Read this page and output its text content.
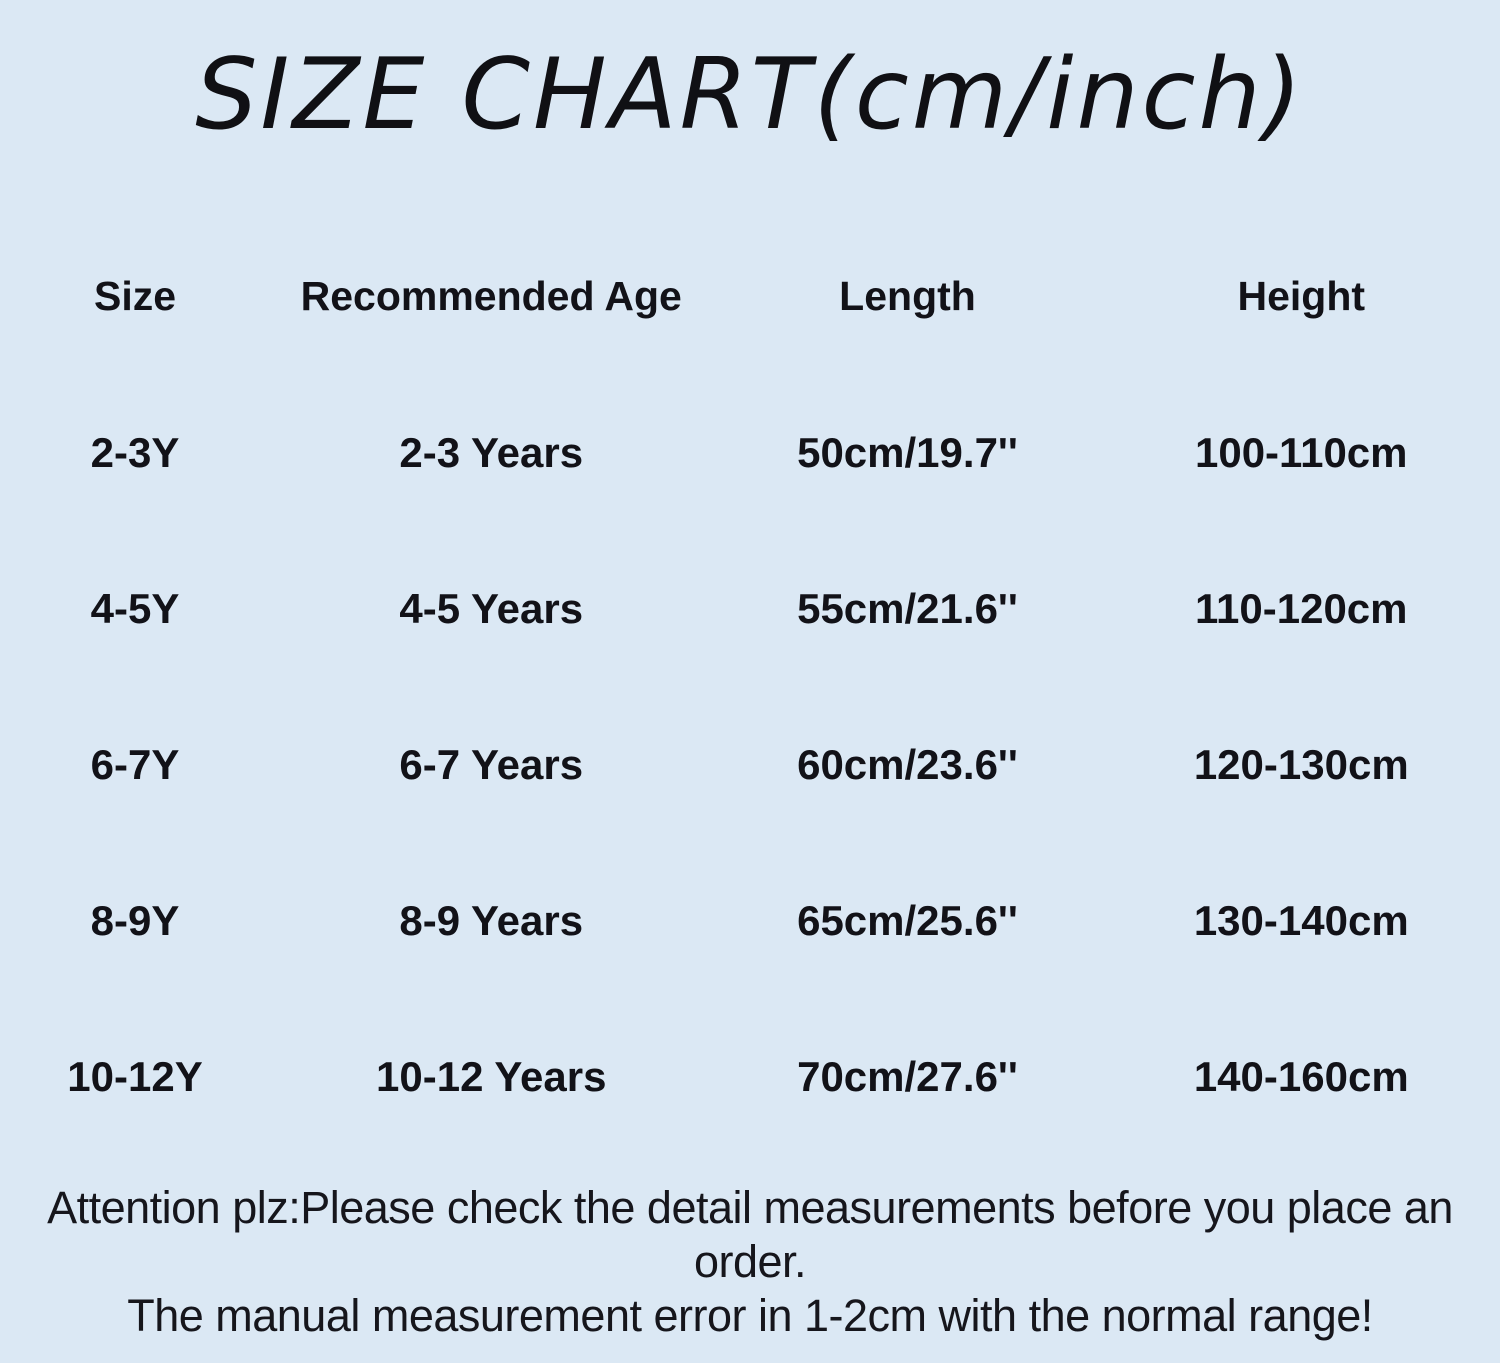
SIZE CHART(cm/inch)
Size	Recommended Age	Length	Height
2-3Y	2-3 Years	50cm/19.7''	100-110cm
4-5Y	4-5 Years	55cm/21.6''	110-120cm
6-7Y	6-7 Years	60cm/23.6''	120-130cm
8-9Y	8-9 Years	65cm/25.6''	130-140cm
10-12Y	10-12 Years	70cm/27.6''	140-160cm
Attention plz:Please check the detail measurements before you place an
order.
The manual measurement error in 1-2cm with the normal range!
